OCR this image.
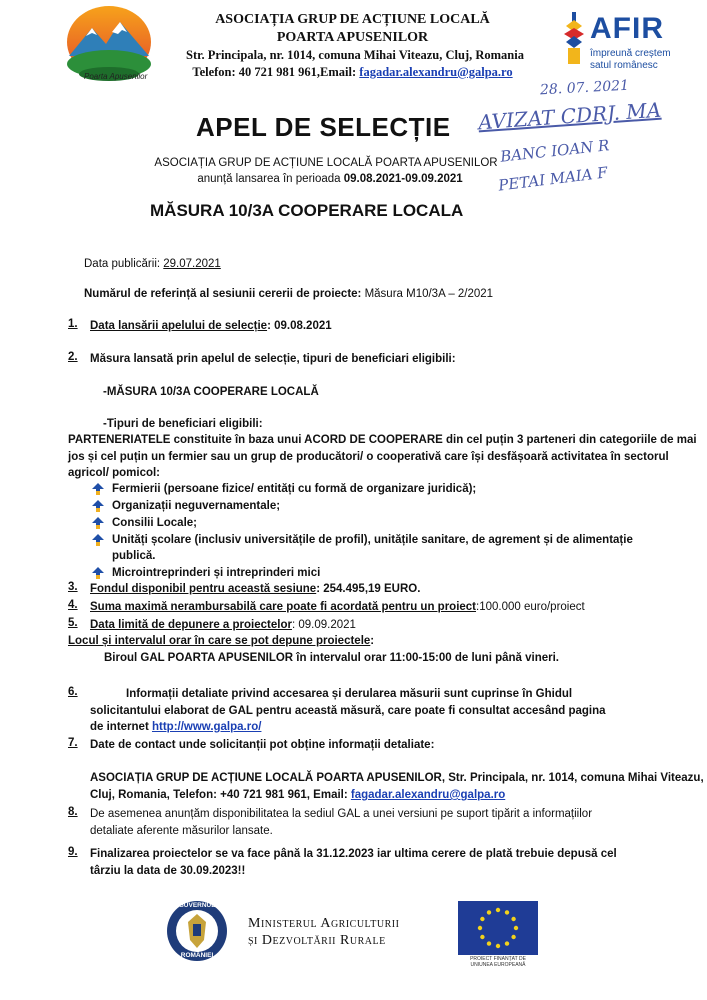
Poarta Apusenilor
ASOCIAȚIA GRUP DE ACȚIUNE LOCALĂ
POARTA APUSENILOR
Str. Principala, nr. 1014, comuna Mihai Viteazu, Cluj, Romania
Telefon: 40 721 981 961,Email: fagadar.alexandru@galpa.ro
AFIR
împreună creștem
satul românesc
28. 07. 2021
AVIZAT CDRJ. MA
BANC IOAN R
PETAI MAIA F
APEL DE SELECȚIE
ASOCIAȚIA GRUP DE ACȚIUNE LOCALĂ POARTA APUSENILOR
anunță lansarea în perioada 09.08.2021-09.09.2021
MĂSURA 10/3A COOPERARE LOCALA
Data publicării: 29.07.2021
Numărul de referință al sesiunii cererii de proiecte: Măsura M10/3A – 2/2021
1. Data lansării apelului de selecție: 09.08.2021
2. Măsura lansată prin apelul de selecție, tipuri de beneficiari eligibili:
-MĂSURA 10/3A COOPERARE LOCALĂ
-Tipuri de beneficiari eligibili:
PARTENERIATELE constituite în baza unui ACORD DE COOPERARE din cel puțin 3 parteneri din categoriile de mai
jos și cel puțin un fermier sau un grup de producători/ o cooperativă care își desfășoară activitatea în sectorul
agricol/ pomicol:
Fermierii (persoane fizice/ entități cu formă de organizare juridică);
Organizații neguvernamentale;
Consilii Locale;
Unități școlare (inclusiv universitățile de profil), unitățile sanitare, de agrement și de alimentație
publică.
Microintreprinderi și intreprinderi mici
3. Fondul disponibil pentru această sesiune: 254.495,19 EURO.
4. Suma maximă nerambursabilă care poate fi acordată pentru un proiect:100.000 euro/proiect
5. Data limită de depunere a proiectelor: 09.09.2021
Locul și intervalul orar în care se pot depune proiectele:
Biroul GAL POARTA APUSENILOR în intervalul orar 11:00-15:00 de luni până vineri.
6.	Informații detaliate privind accesarea și derularea măsurii sunt cuprinse în Ghidul
solicitantului elaborat de GAL pentru această măsură, care poate fi consultat accesând pagina
de internet http://www.galpa.ro/
7. Date de contact unde solicitanții pot obține informații detaliate:
ASOCIAȚIA GRUP DE ACȚIUNE LOCALĂ POARTA APUSENILOR, Str. Principala, nr. 1014, comuna Mihai Viteazu,
Cluj, Romania, Telefon: +40 721 981 961, Email: fagadar.alexandru@galpa.ro
8. De asemenea anunțăm disponibilitatea la sediul GAL a unei versiuni pe suport tipărit a informațiilor
detaliate aferente măsurilor lansate.
9. Finalizarea proiectelor se va face până la 31.12.2023 iar ultima cerere de plată trebuie depusă cel
târziu la data de 30.09.2023!!
GUVERNUL
ROMÂNIEI
Ministerul Agriculturii
și Dezvoltării Rurale
PROIECT FINANȚAT DE
UNIUNEA EUROPEANĂ
